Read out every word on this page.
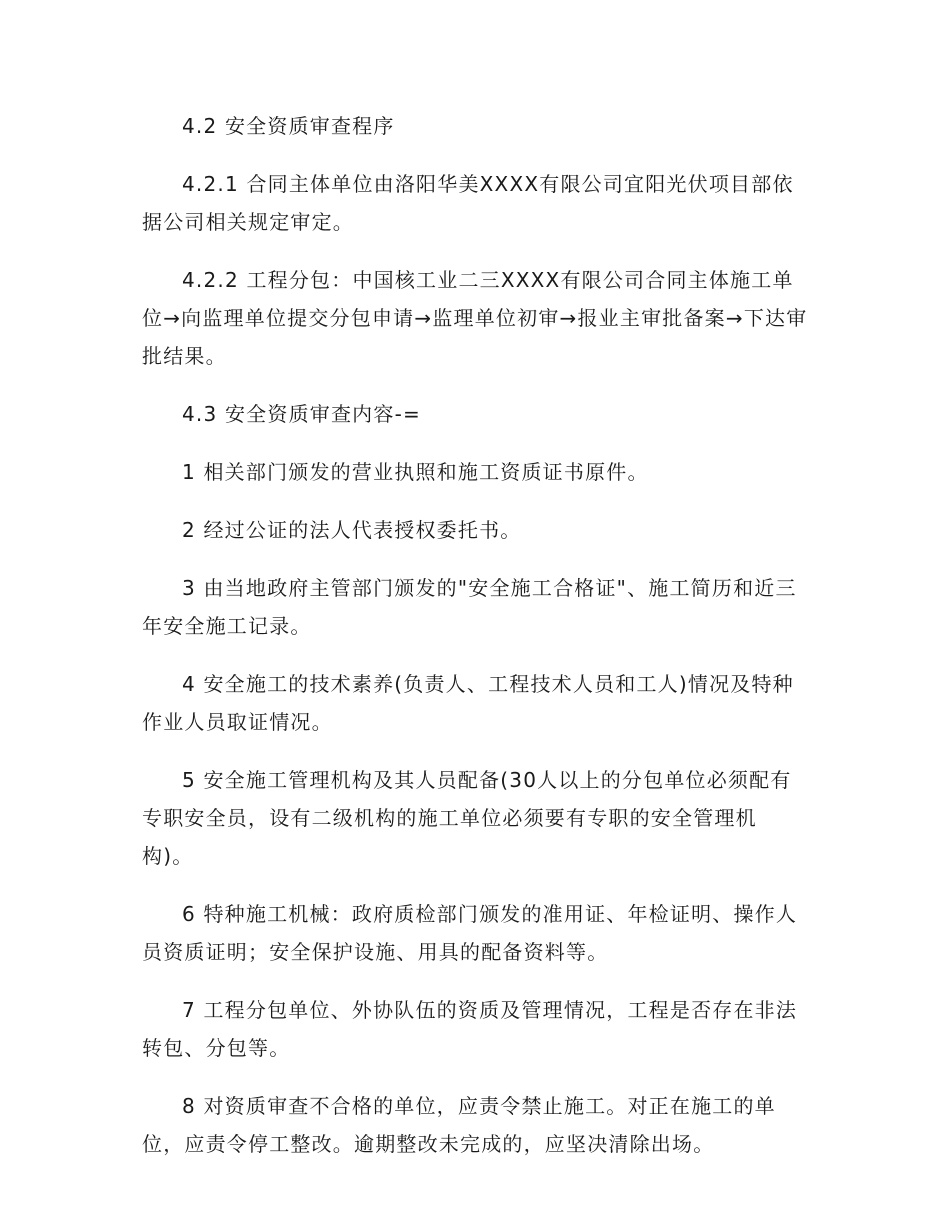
4.2 安全资质审查程序

4.2.1 合同主体单位由洛阳华美XXXX有限公司宜阳光伏项目部依据公司相关规定审定。

4.2.2 工程分包：中国核工业二三XXXX有限公司合同主体施工单位→向监理单位提交分包申请→监理单位初审→报业主审批备案→下达审批结果。

4.3 安全资质审查内容-=

1 相关部门颁发的营业执照和施工资质证书原件。

2 经过公证的法人代表授权委托书。

3 由当地政府主管部门颁发的"安全施工合格证"、施工简历和近三年安全施工记录。

4 安全施工的技术素养(负责人、工程技术人员和工人)情况及特种作业人员取证情况。

5 安全施工管理机构及其人员配备(30人以上的分包单位必须配有专职安全员，设有二级机构的施工单位必须要有专职的安全管理机构)。

6 特种施工机械：政府质检部门颁发的准用证、年检证明、操作人员资质证明；安全保护设施、用具的配备资料等。

7 工程分包单位、外协队伍的资质及管理情况，工程是否存在非法转包、分包等。

8 对资质审查不合格的单位，应责令禁止施工。对正在施工的单位，应责令停工整改。逾期整改未完成的，应坚决清除出场。
